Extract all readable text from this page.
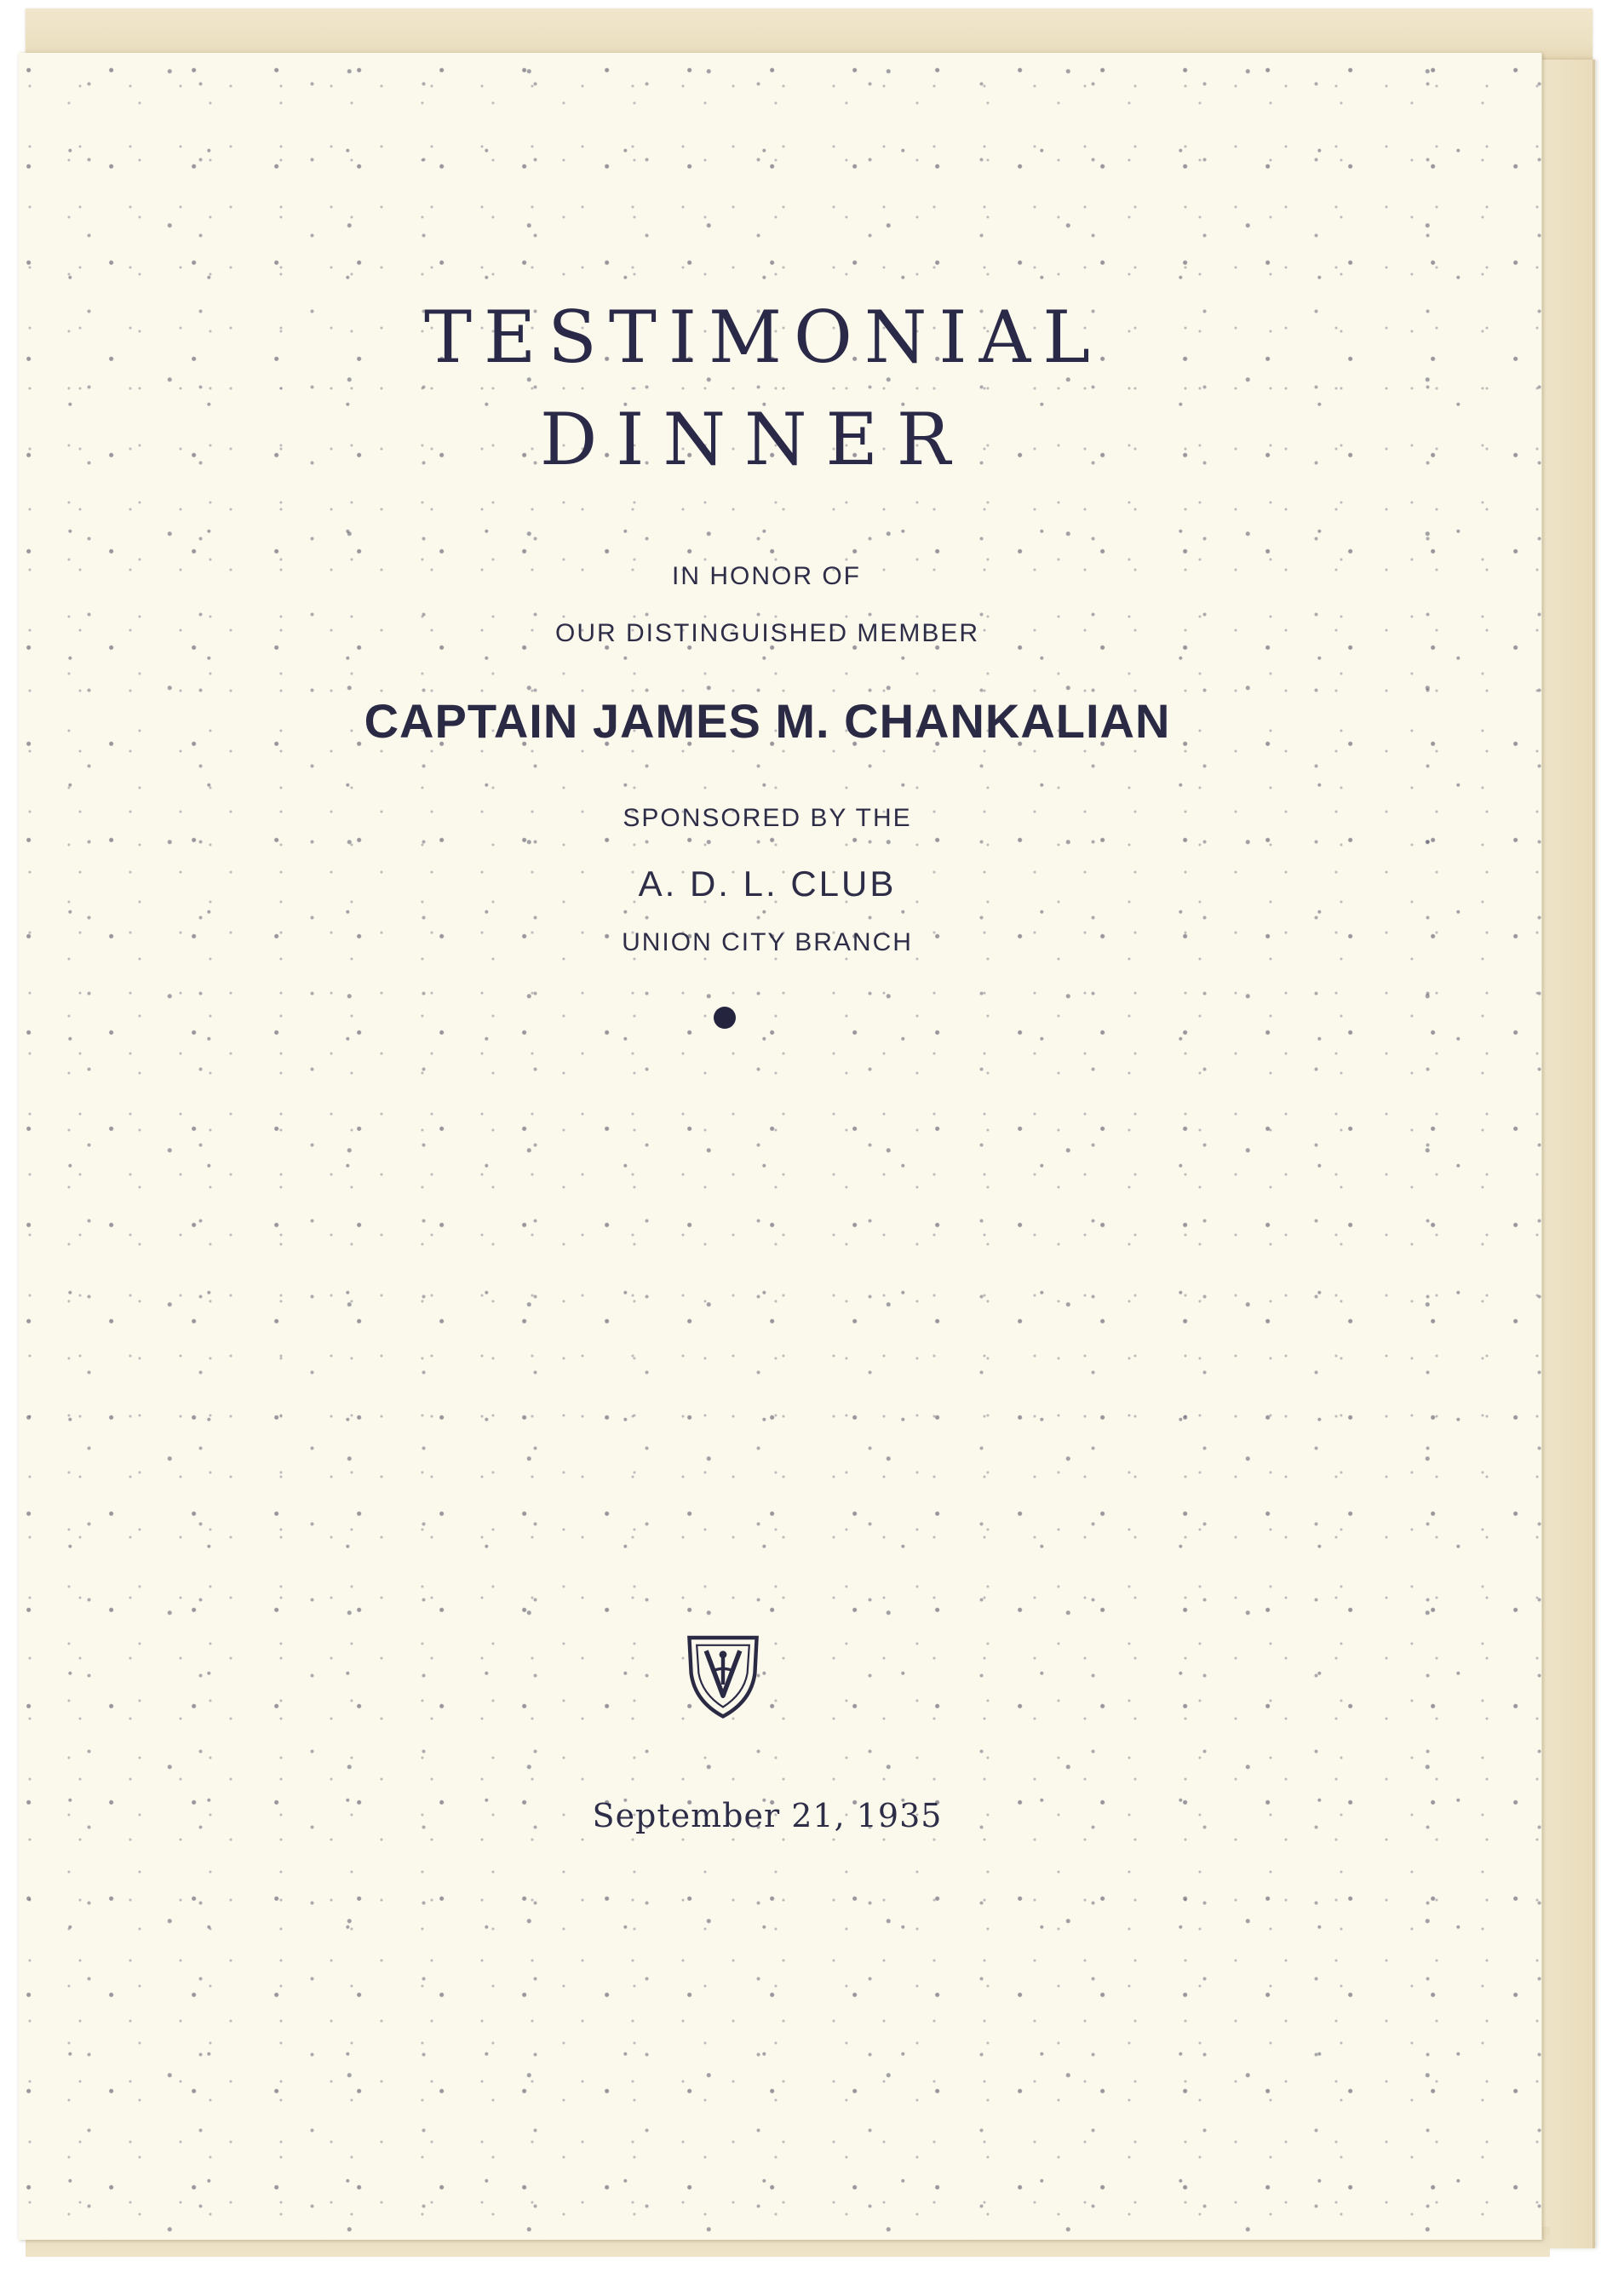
TESTIMONIAL
DINNER

IN HONOR OF

OUR DISTINGUISHED MEMBER

CAPTAIN JAMES M. CHANKALIAN

SPONSORED BY THE

A. D. L. CLUB

UNION CITY BRANCH

September 21, 1935
